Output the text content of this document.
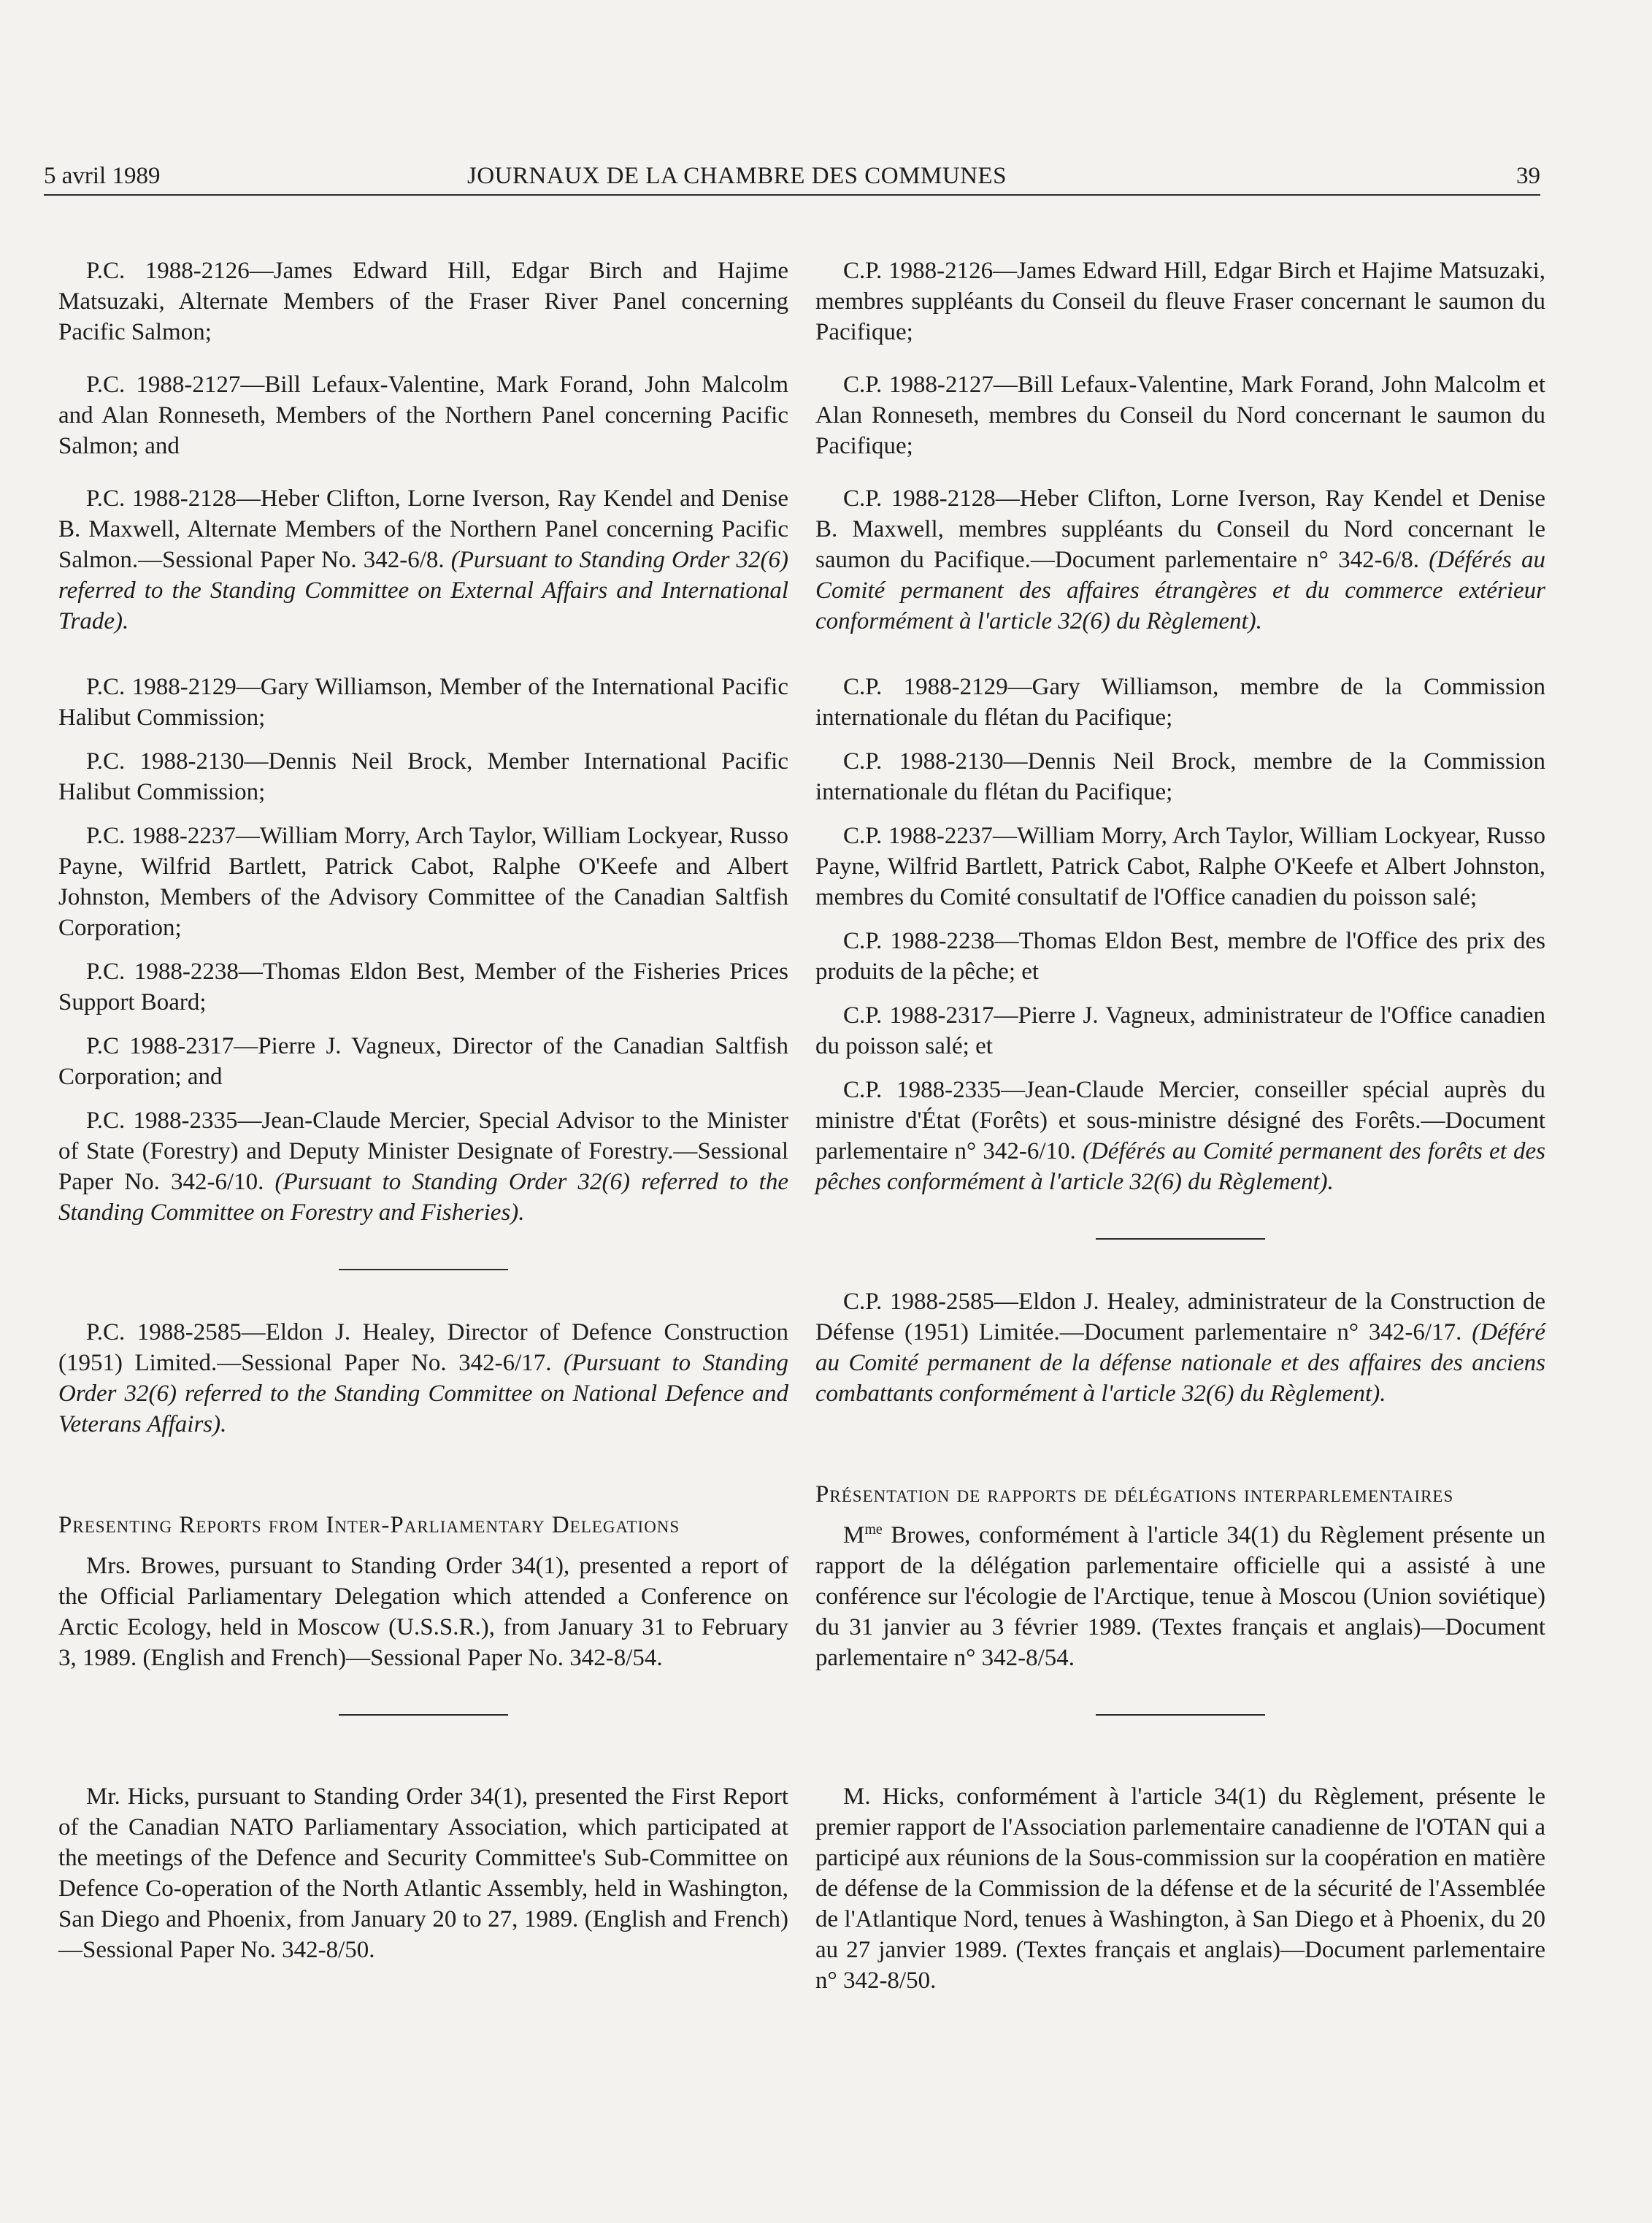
5 avril 1989	JOURNAUX DE LA CHAMBRE DES COMMUNES	39

P.C. 1988-2126—James Edward Hill, Edgar Birch and Hajime Matsuzaki, Alternate Members of the Fraser River Panel concerning Pacific Salmon;

P.C. 1988-2127—Bill Lefaux-Valentine, Mark Forand, John Malcolm and Alan Ronneseth, Members of the Northern Panel concerning Pacific Salmon; and

P.C. 1988-2128—Heber Clifton, Lorne Iverson, Ray Kendel and Denise B. Maxwell, Alternate Members of the Northern Panel concerning Pacific Salmon.—Sessional Paper No. 342-6/8. (Pursuant to Standing Order 32(6) referred to the Standing Committee on External Affairs and International Trade).

P.C. 1988-2129—Gary Williamson, Member of the International Pacific Halibut Commission;

P.C. 1988-2130—Dennis Neil Brock, Member International Pacific Halibut Commission;

P.C. 1988-2237—William Morry, Arch Taylor, William Lockyear, Russo Payne, Wilfrid Bartlett, Patrick Cabot, Ralphe O'Keefe and Albert Johnston, Members of the Advisory Committee of the Canadian Saltfish Corporation;

P.C. 1988-2238—Thomas Eldon Best, Member of the Fisheries Prices Support Board;

P.C 1988-2317—Pierre J. Vagneux, Director of the Canadian Saltfish Corporation; and

P.C. 1988-2335—Jean-Claude Mercier, Special Advisor to the Minister of State (Forestry) and Deputy Minister Designate of Forestry.—Sessional Paper No. 342-6/10. (Pursuant to Standing Order 32(6) referred to the Standing Committee on Forestry and Fisheries).

P.C. 1988-2585—Eldon J. Healey, Director of Defence Construction (1951) Limited.—Sessional Paper No. 342-6/17. (Pursuant to Standing Order 32(6) referred to the Standing Committee on National Defence and Veterans Affairs).

Presenting Reports from Inter-Parliamentary Delegations

Mrs. Browes, pursuant to Standing Order 34(1), presented a report of the Official Parliamentary Delegation which attended a Conference on Arctic Ecology, held in Moscow (U.S.S.R.), from January 31 to February 3, 1989. (English and French)—Sessional Paper No. 342-8/54.

Mr. Hicks, pursuant to Standing Order 34(1), presented the First Report of the Canadian NATO Parliamentary Association, which participated at the meetings of the Defence and Security Committee's Sub-Committee on Defence Co-operation of the North Atlantic Assembly, held in Washington, San Diego and Phoenix, from January 20 to 27, 1989. (English and French)—Sessional Paper No. 342-8/50.

C.P. 1988-2126—James Edward Hill, Edgar Birch et Hajime Matsuzaki, membres suppléants du Conseil du fleuve Fraser concernant le saumon du Pacifique;

C.P. 1988-2127—Bill Lefaux-Valentine, Mark Forand, John Malcolm et Alan Ronneseth, membres du Conseil du Nord concernant le saumon du Pacifique;

C.P. 1988-2128—Heber Clifton, Lorne Iverson, Ray Kendel et Denise B. Maxwell, membres suppléants du Conseil du Nord concernant le saumon du Pacifique.—Document parlementaire n° 342-6/8. (Déférés au Comité permanent des affaires étrangères et du commerce extérieur conformément à l'article 32(6) du Règlement).

C.P. 1988-2129—Gary Williamson, membre de la Commission internationale du flétan du Pacifique;

C.P. 1988-2130—Dennis Neil Brock, membre de la Commission internationale du flétan du Pacifique;

C.P. 1988-2237—William Morry, Arch Taylor, William Lockyear, Russo Payne, Wilfrid Bartlett, Patrick Cabot, Ralphe O'Keefe et Albert Johnston, membres du Comité consultatif de l'Office canadien du poisson salé;

C.P. 1988-2238—Thomas Eldon Best, membre de l'Office des prix des produits de la pêche; et

C.P. 1988-2317—Pierre J. Vagneux, administrateur de l'Office canadien du poisson salé; et

C.P. 1988-2335—Jean-Claude Mercier, conseiller spécial auprès du ministre d'État (Forêts) et sous-ministre désigné des Forêts.—Document parlementaire n° 342-6/10. (Déférés au Comité permanent des forêts et des pêches conformément à l'article 32(6) du Règlement).

C.P. 1988-2585—Eldon J. Healey, administrateur de la Construction de Défense (1951) Limitée.—Document parlementaire n° 342-6/17. (Déféré au Comité permanent de la défense nationale et des affaires des anciens combattants conformément à l'article 32(6) du Règlement).

Présentation de rapports de délégations interparlementaires

$M^{me}$ Browes, conformément à l'article 34(1) du Règlement présente un rapport de la délégation parlementaire officielle qui a assisté à une conférence sur l'écologie de l'Arctique, tenue à Moscou (Union soviétique) du 31 janvier au 3 février 1989. (Textes français et anglais)—Document parlementaire n° 342-8/54.

M. Hicks, conformément à l'article 34(1) du Règlement, présente le premier rapport de l'Association parlementaire canadienne de l'OTAN qui a participé aux réunions de la Sous-commission sur la coopération en matière de défense de la Commission de la défense et de la sécurité de l'Assemblée de l'Atlantique Nord, tenues à Washington, à San Diego et à Phoenix, du 20 au 27 janvier 1989. (Textes français et anglais)—Document parlementaire n° 342-8/50.
